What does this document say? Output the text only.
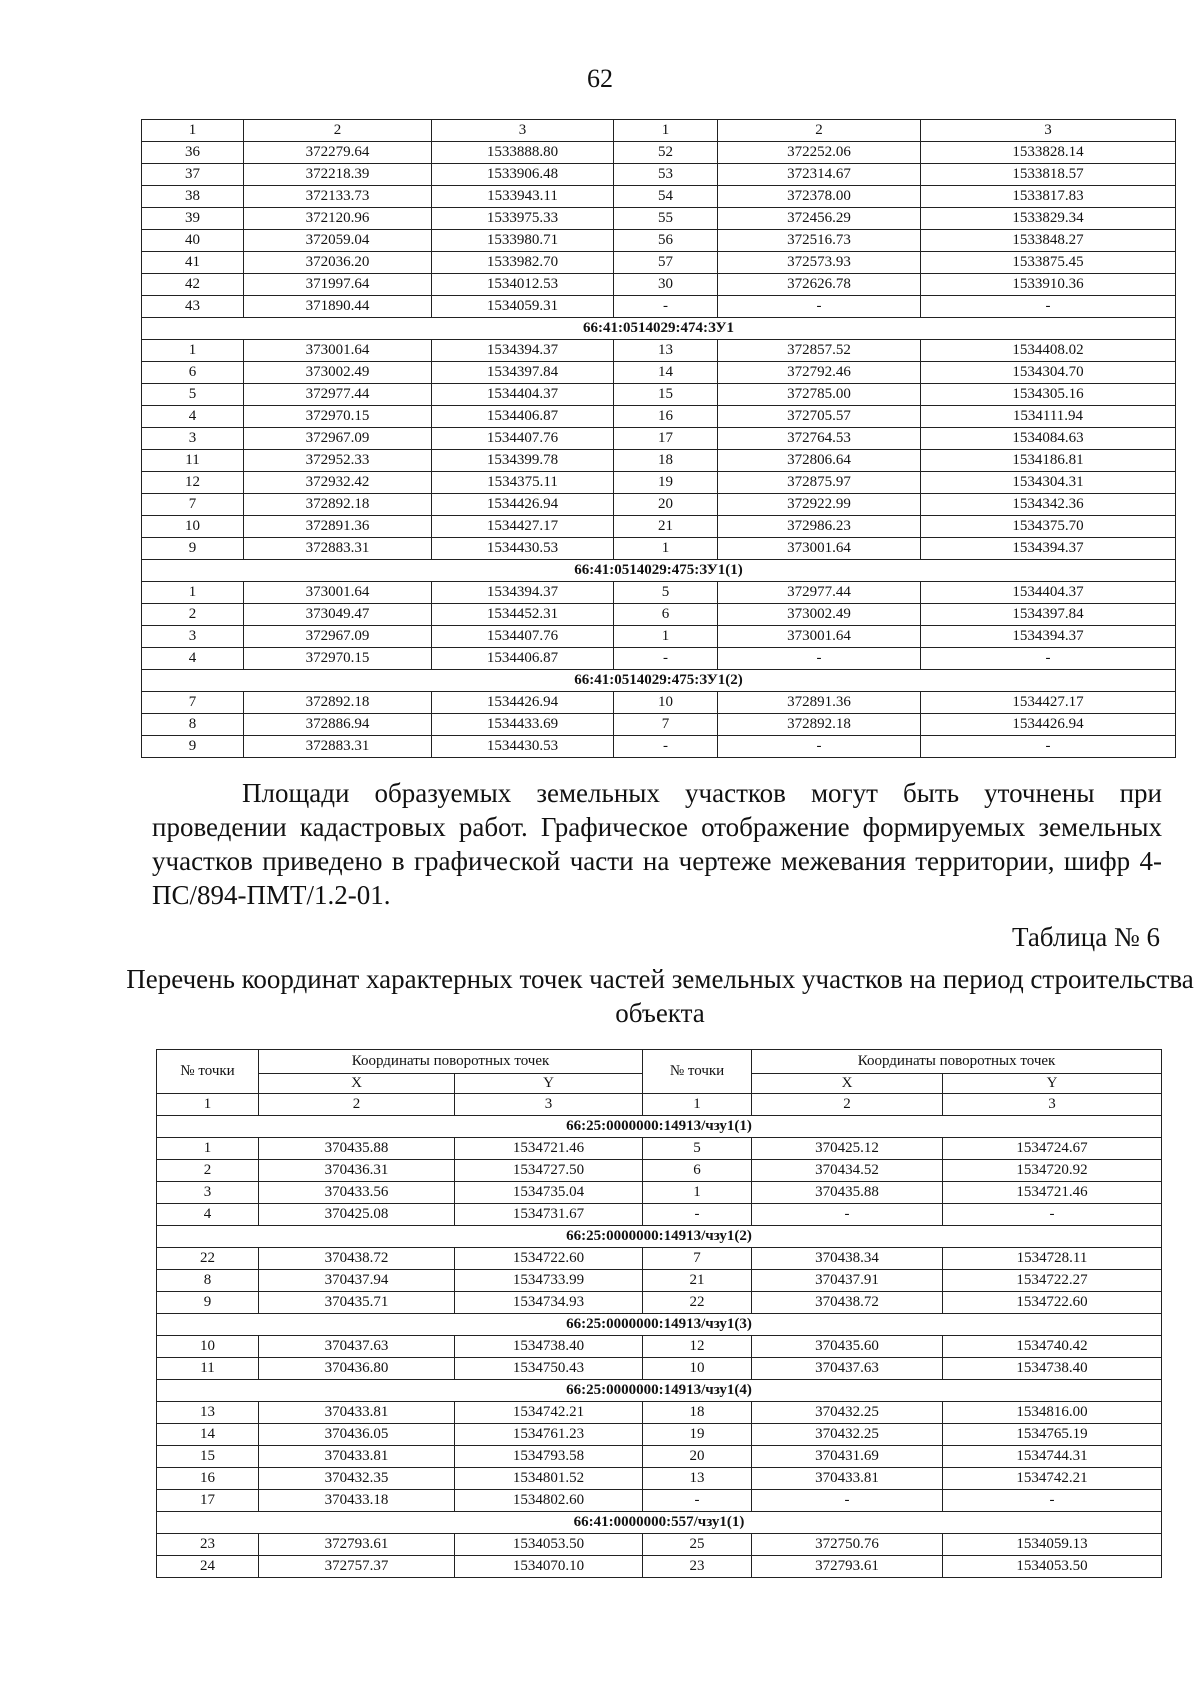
62
1	2	3	1	2	3
36	372279.64	1533888.80	52	372252.06	1533828.14
37	372218.39	1533906.48	53	372314.67	1533818.57
38	372133.73	1533943.11	54	372378.00	1533817.83
39	372120.96	1533975.33	55	372456.29	1533829.34
40	372059.04	1533980.71	56	372516.73	1533848.27
41	372036.20	1533982.70	57	372573.93	1533875.45
42	371997.64	1534012.53	30	372626.78	1533910.36
43	371890.44	1534059.31	-	-	-
66:41:0514029:474:ЗУ1					
1	373001.64	1534394.37	13	372857.52	1534408.02
6	373002.49	1534397.84	14	372792.46	1534304.70
5	372977.44	1534404.37	15	372785.00	1534305.16
4	372970.15	1534406.87	16	372705.57	1534111.94
3	372967.09	1534407.76	17	372764.53	1534084.63
11	372952.33	1534399.78	18	372806.64	1534186.81
12	372932.42	1534375.11	19	372875.97	1534304.31
7	372892.18	1534426.94	20	372922.99	1534342.36
10	372891.36	1534427.17	21	372986.23	1534375.70
9	372883.31	1534430.53	1	373001.64	1534394.37
66:41:0514029:475:ЗУ1(1)					
1	373001.64	1534394.37	5	372977.44	1534404.37
2	373049.47	1534452.31	6	373002.49	1534397.84
3	372967.09	1534407.76	1	373001.64	1534394.37
4	372970.15	1534406.87	-	-	-
66:41:0514029:475:ЗУ1(2)					
7	372892.18	1534426.94	10	372891.36	1534427.17
8	372886.94	1534433.69	7	372892.18	1534426.94
9	372883.31	1534430.53	-	-	-

Площади образуемых земельных участков могут быть уточнены при проведении кадастровых работ. Графическое отображение формируемых земельных участков приведено в графической части на чертеже межевания территории, шифр 4-ПС/894-ПМТ/1.2-01.

Таблица № 6

Перечень координат характерных точек частей земельных участков на период строительства объекта

№ точки	Координаты поворотных точек		№ точки	Координаты поворотных точек	
	X	Y		X	Y
1	2	3	1	2	3
66:25:0000000:14913/чзу1(1)					
1	370435.88	1534721.46	5	370425.12	1534724.67
2	370436.31	1534727.50	6	370434.52	1534720.92
3	370433.56	1534735.04	1	370435.88	1534721.46
4	370425.08	1534731.67	-	-	-
66:25:0000000:14913/чзу1(2)					
22	370438.72	1534722.60	7	370438.34	1534728.11
8	370437.94	1534733.99	21	370437.91	1534722.27
9	370435.71	1534734.93	22	370438.72	1534722.60
66:25:0000000:14913/чзу1(3)					
10	370437.63	1534738.40	12	370435.60	1534740.42
11	370436.80	1534750.43	10	370437.63	1534738.40
66:25:0000000:14913/чзу1(4)					
13	370433.81	1534742.21	18	370432.25	1534816.00
14	370436.05	1534761.23	19	370432.25	1534765.19
15	370433.81	1534793.58	20	370431.69	1534744.31
16	370432.35	1534801.52	13	370433.81	1534742.21
17	370433.18	1534802.60	-	-	-
66:41:0000000:557/чзу1(1)					
23	372793.61	1534053.50	25	372750.76	1534059.13
24	372757.37	1534070.10	23	372793.61	1534053.50
